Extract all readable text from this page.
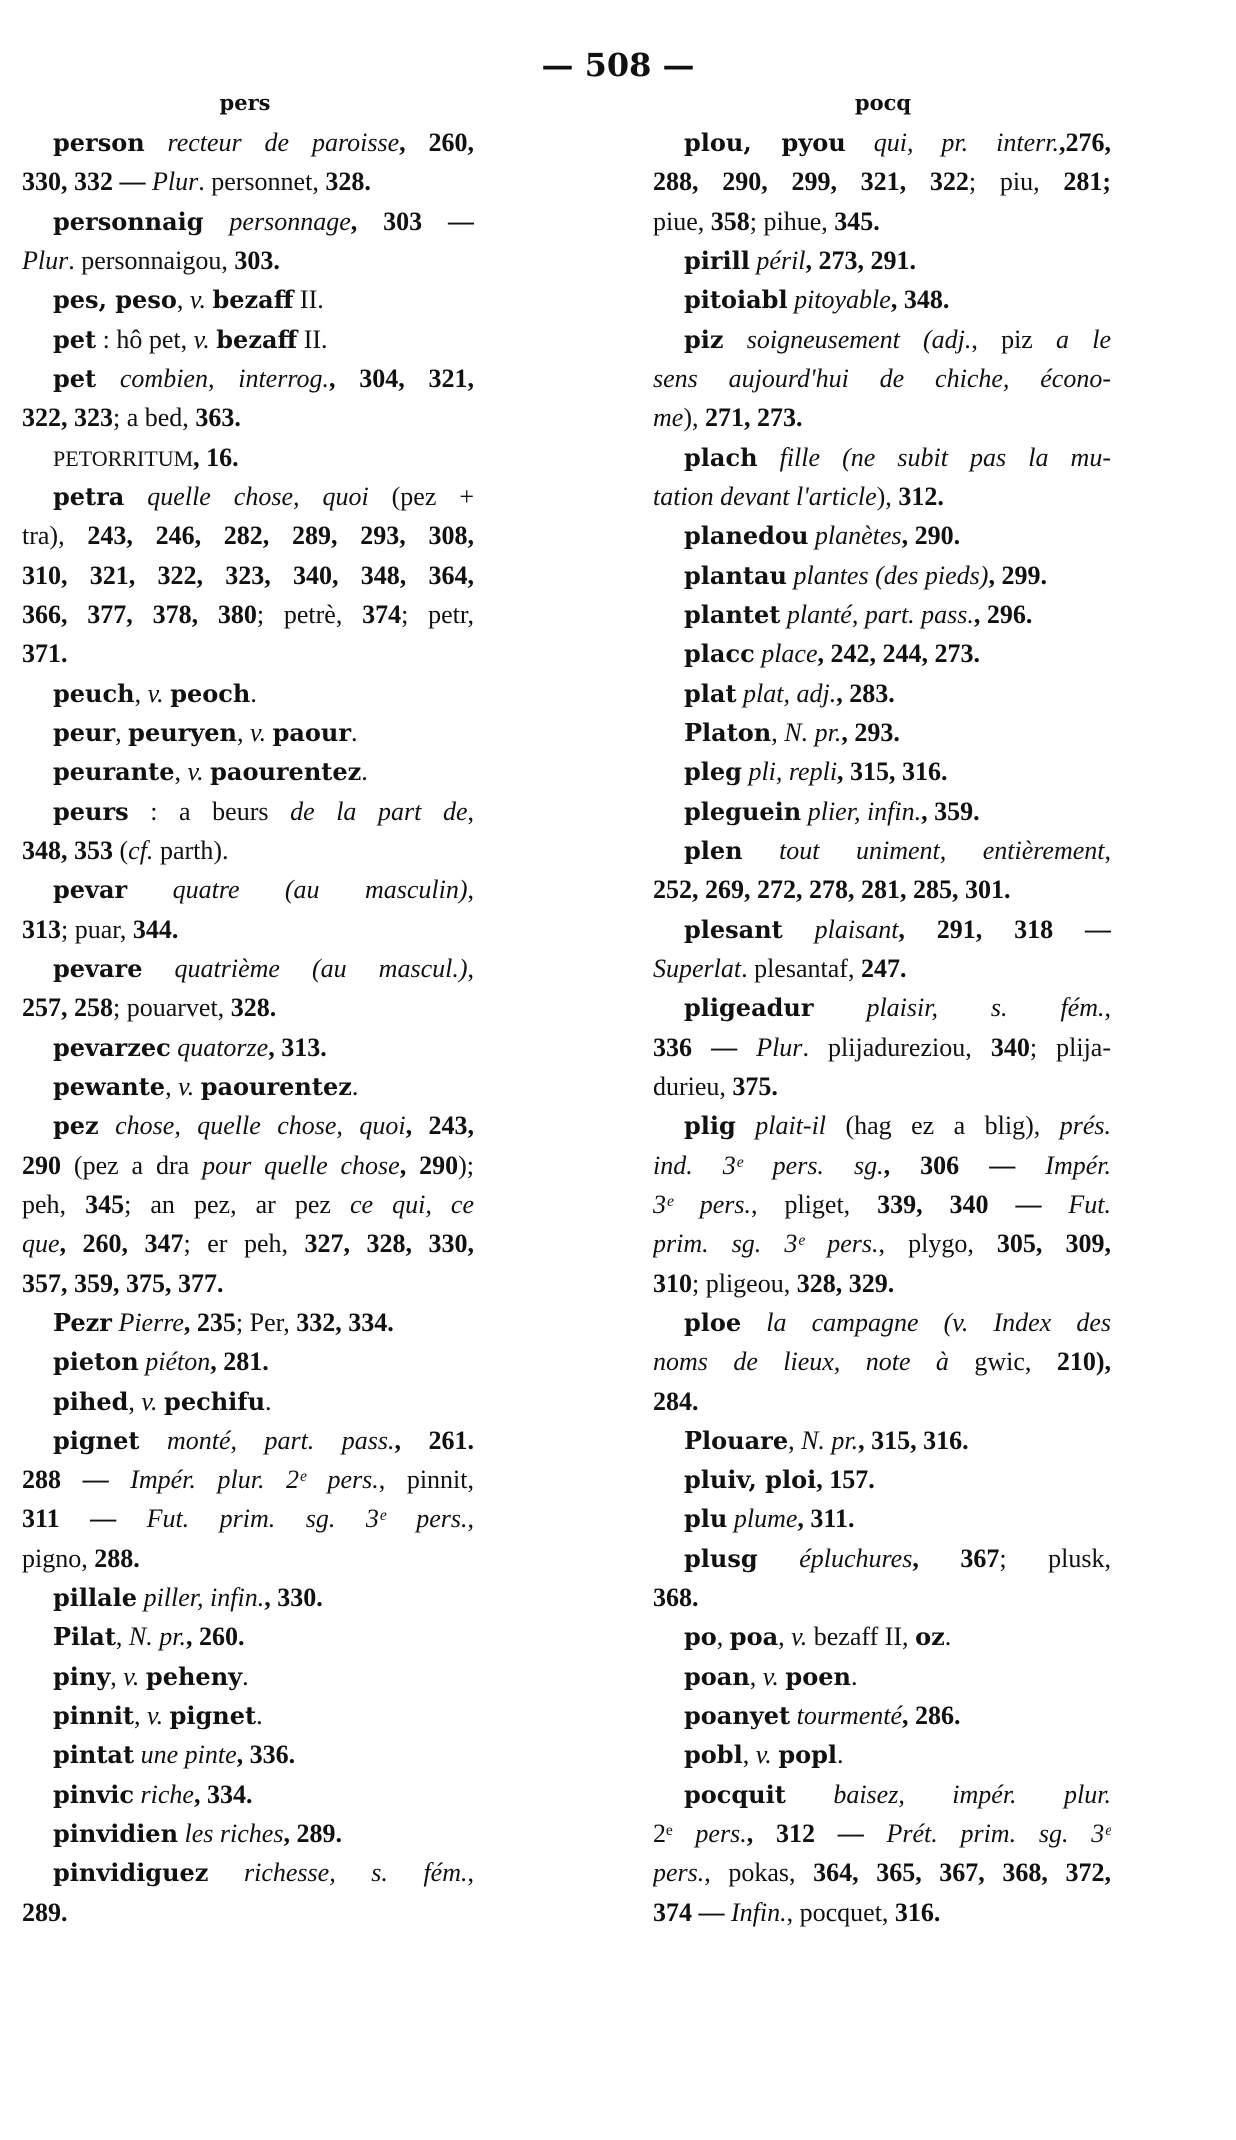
— 508 —
pers	pocq
person recteur de paroisse, 260,
330, 332 — Plur. personnet, 328.
personnaig personnage, 303 —
Plur. personnaigou, 303.
pes, peso, v. bezaff II.
pet : hô pet, v. bezaff II.
pet combien, interrog., 304, 321,
322, 323; a bed, 363.
PETORRITUM, 16.
petra quelle chose, quoi (pez +
tra), 243, 246, 282, 289, 293, 308,
310, 321, 322, 323, 340, 348, 364,
366, 377, 378, 380; petrè, 374; petr,
371.
peuch, v. peoch.
peur, peuryen, v. paour.
peurante, v. paourentez.
peurs : a beurs de la part de,
348, 353 (cf. parth).
pevar quatre (au masculin),
313; puar, 344.
pevare quatrième (au mascul.),
257, 258; pouarvet, 328.
pevarzec quatorze, 313.
pewante, v. paourentez.
pez chose, quelle chose, quoi, 243,
290 (pez a dra pour quelle chose, 290);
peh, 345; an pez, ar pez ce qui, ce
que, 260, 347; er peh, 327, 328, 330,
357, 359, 375, 377.
Pezr Pierre, 235; Per, 332, 334.
pieton piéton, 281.
pihed, v. pechifu.
pignet monté, part. pass., 261.
288 — Impér. plur. 2ᵉ pers., pinnit,
311 — Fut. prim. sg. 3ᵉ pers.,
pigno, 288.
pillale piller, infin., 330.
Pilat, N. pr., 260.
piny, v. peheny.
pinnit, v. pignet.
pintat une pinte, 336.
pinvic riche, 334.
pinvidien les riches, 289.
pinvidiguez richesse, s. fém.,
289.
plou, pyou qui, pr. interr.,276,
288, 290, 299, 321, 322; piu, 281;
piue, 358; pihue, 345.
pirill péril, 273, 291.
pitoiabl pitoyable, 348.
piz soigneusement (adj., piz a le
sens aujourd'hui de chiche, écono-
me), 271, 273.
plach fille (ne subit pas la mu-
tation devant l'article), 312.
planedou planètes, 290.
plantau plantes (des pieds), 299.
plantet planté, part. pass., 296.
placc place, 242, 244, 273.
plat plat, adj., 283.
Platon, N. pr., 293.
pleg pli, repli, 315, 316.
pleguein plier, infin., 359.
plen tout uniment, entièrement,
252, 269, 272, 278, 281, 285, 301.
plesant plaisant, 291, 318 —
Superlat. plesantaf, 247.
pligeadur plaisir, s. fém.,
336 — Plur. plijadureziou, 340; plija-
durieu, 375.
plig plait-il (hag ez a blig), prés.
ind. 3ᵉ pers. sg., 306 — Impér.
3ᵉ pers., pliget, 339, 340 — Fut.
prim. sg. 3ᵉ pers., plygo, 305, 309,
310; pligeou, 328, 329.
ploe la campagne (v. Index des
noms de lieux, note à gwic, 210),
284.
Plouare, N. pr., 315, 316.
pluiv, ploi, 157.
plu plume, 311.
plusg épluchures, 367; plusk,
368.
po, poa, v. bezaff II, oz.
poan, v. poen.
poanyet tourmenté, 286.
pobl, v. popl.
pocquit baisez, impér. plur.
2ᵉ pers., 312 — Prét. prim. sg. 3ᵉ
pers., pokas, 364, 365, 367, 368, 372,
374 — Infin., pocquet, 316.
